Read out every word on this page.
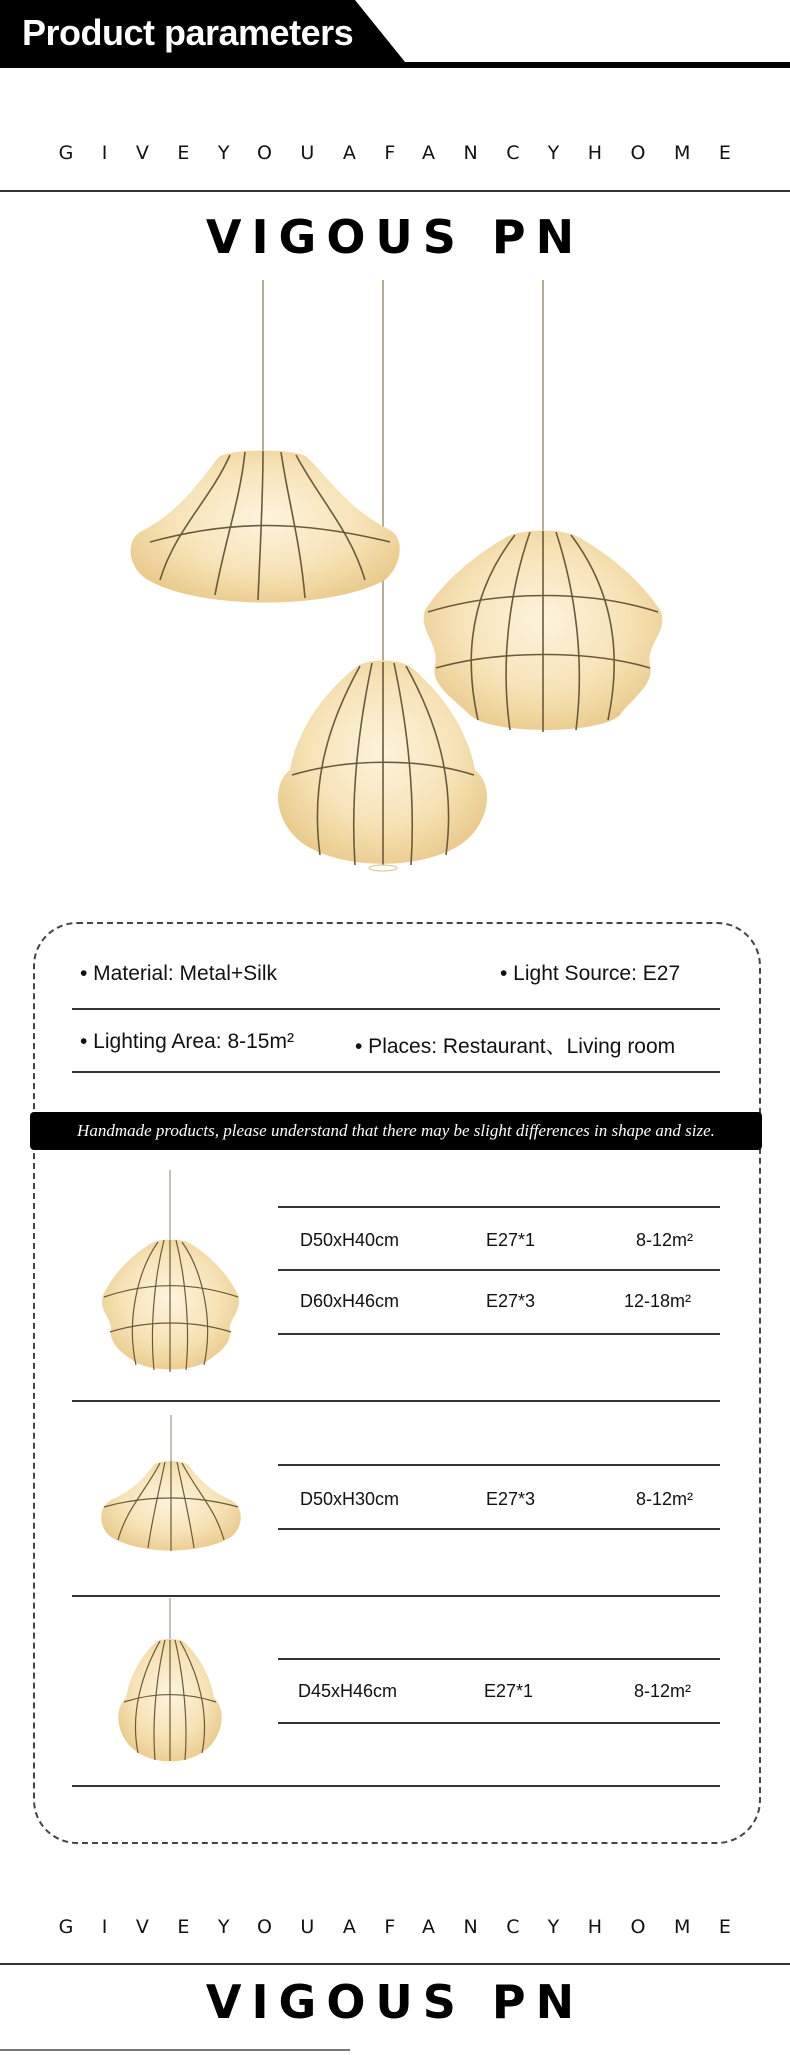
Product parameters
GIVEYOUAFANCYHOME
VIGOUS PN
• Material: Metal+Silk	• Light Source: E27
• Lighting Area: 8-15m²	• Places: Restaurant、Living room
Handmade products, please understand that there may be slight differences in shape and size.
D50xH40cm	E27*1	8-12m²
D60xH46cm	E27*3	12-18m²
D50xH30cm	E27*3	8-12m²
D45xH46cm	E27*1	8-12m²
GIVEYOUAFANCYHOME
VIGOUS PN
